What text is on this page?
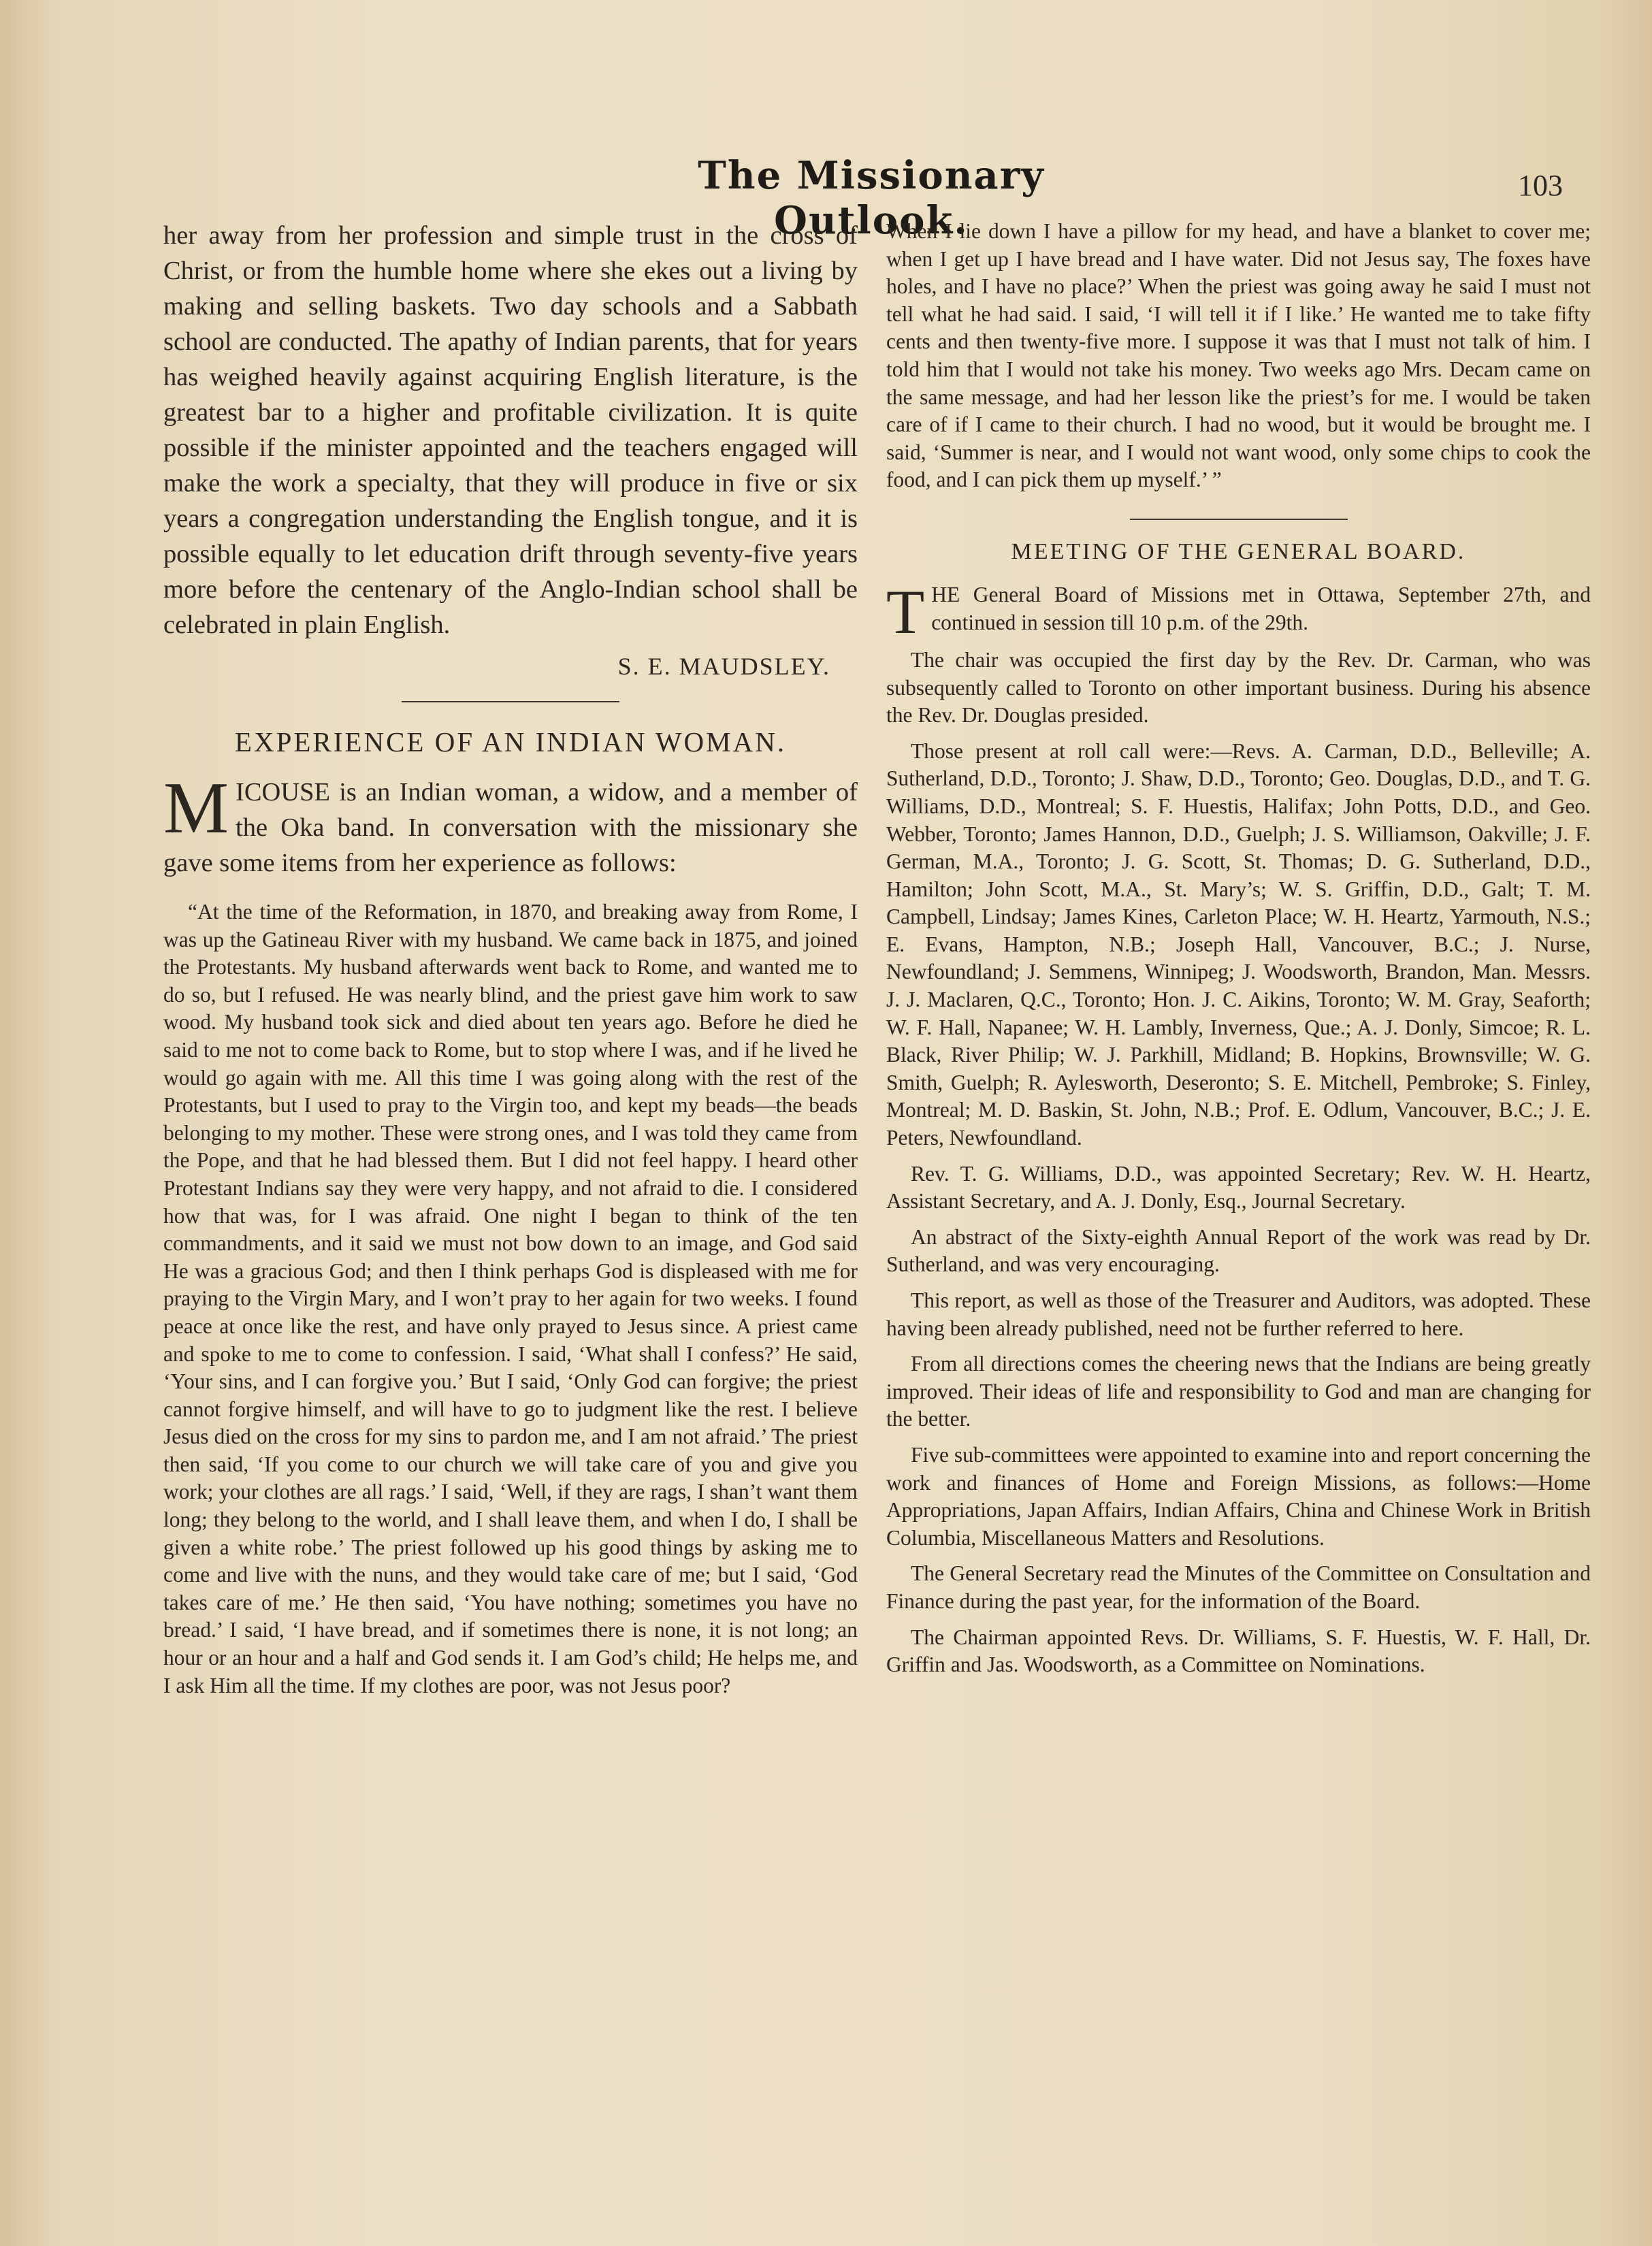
The Missionary Outlook.
103

her away from her profession and simple trust in the cross of Christ, or from the humble home where she ekes out a living by making and selling baskets. Two day schools and a Sabbath school are conducted. The apathy of Indian parents, that for years has weighed heavily against acquiring English literature, is the greatest bar to a higher and profitable civilization. It is quite possible if the minister appointed and the teachers engaged will make the work a specialty, that they will produce in five or six years a congregation understanding the English tongue, and it is possible equally to let education drift through seventy-five years more before the centenary of the Anglo-Indian school shall be celebrated in plain English.

S. E. MAUDSLEY.
EXPERIENCE OF AN INDIAN WOMAN.

MICOUSE is an Indian woman, a widow, and a member of the Oka band. In conversation with the missionary she gave some items from her experience as follows:

“At the time of the Reformation, in 1870, and breaking away from Rome, I was up the Gatineau River with my husband. We came back in 1875, and joined the Protestants. My husband afterwards went back to Rome, and wanted me to do so, but I refused. He was nearly blind, and the priest gave him work to saw wood. My husband took sick and died about ten years ago. Before he died he said to me not to come back to Rome, but to stop where I was, and if he lived he would go again with me. All this time I was going along with the rest of the Protestants, but I used to pray to the Virgin too, and kept my beads—the beads belonging to my mother. These were strong ones, and I was told they came from the Pope, and that he had blessed them. But I did not feel happy. I heard other Protestant Indians say they were very happy, and not afraid to die. I considered how that was, for I was afraid. One night I began to think of the ten commandments, and it said we must not bow down to an image, and God said He was a gracious God; and then I think perhaps God is displeased with me for praying to the Virgin Mary, and I won’t pray to her again for two weeks. I found peace at once like the rest, and have only prayed to Jesus since. A priest came and spoke to me to come to confession. I said, ‘What shall I confess?’ He said, ‘Your sins, and I can forgive you.’ But I said, ‘Only God can forgive; the priest cannot forgive himself, and will have to go to judgment like the rest. I believe Jesus died on the cross for my sins to pardon me, and I am not afraid.’ The priest then said, ‘If you come to our church we will take care of you and give you work; your clothes are all rags.’ I said, ‘Well, if they are rags, I shan’t want them long; they belong to the world, and I shall leave them, and when I do, I shall be given a white robe.’ The priest followed up his good things by asking me to come and live with the nuns, and they would take care of me; but I said, ‘God takes care of me.’ He then said, ‘You have nothing; sometimes you have no bread.’ I said, ‘I have bread, and if sometimes there is none, it is not long; an hour or an hour and a half and God sends it. I am God’s child; He helps me, and I ask Him all the time. If my clothes are poor, was not Jesus poor?

When I lie down I have a pillow for my head, and have a blanket to cover me; when I get up I have bread and I have water. Did not Jesus say, The foxes have holes, and I have no place?’ When the priest was going away he said I must not tell what he had said. I said, ‘I will tell it if I like.’ He wanted me to take fifty cents and then twenty-five more. I suppose it was that I must not talk of him. I told him that I would not take his money. Two weeks ago Mrs. Decam came on the same message, and had her lesson like the priest’s for me. I would be taken care of if I came to their church. I had no wood, but it would be brought me. I said, ‘Summer is near, and I would not want wood, only some chips to cook the food, and I can pick them up myself.’ ”

MEETING OF THE GENERAL BOARD.

THE General Board of Missions met in Ottawa, September 27th, and continued in session till 10 p.m. of the 29th.

The chair was occupied the first day by the Rev. Dr. Carman, who was subsequently called to Toronto on other important business. During his absence the Rev. Dr. Douglas presided.

Those present at roll call were:—Revs. A. Carman, D.D., Belleville; A. Sutherland, D.D., Toronto; J. Shaw, D.D., Toronto; Geo. Douglas, D.D., and T. G. Williams, D.D., Montreal; S. F. Huestis, Halifax; John Potts, D.D., and Geo. Webber, Toronto; James Hannon, D.D., Guelph; J. S. Williamson, Oakville; J. F. German, M.A., Toronto; J. G. Scott, St. Thomas; D. G. Sutherland, D.D., Hamilton; John Scott, M.A., St. Mary’s; W. S. Griffin, D.D., Galt; T. M. Campbell, Lindsay; James Kines, Carleton Place; W. H. Heartz, Yarmouth, N.S.; E. Evans, Hampton, N.B.; Joseph Hall, Vancouver, B.C.; J. Nurse, Newfoundland; J. Semmens, Winnipeg; J. Woodsworth, Brandon, Man. Messrs. J. J. Maclaren, Q.C., Toronto; Hon. J. C. Aikins, Toronto; W. M. Gray, Seaforth; W. F. Hall, Napanee; W. H. Lambly, Inverness, Que.; A. J. Donly, Simcoe; R. L. Black, River Philip; W. J. Parkhill, Midland; B. Hopkins, Brownsville; W. G. Smith, Guelph; R. Aylesworth, Deseronto; S. E. Mitchell, Pembroke; S. Finley, Montreal; M. D. Baskin, St. John, N.B.; Prof. E. Odlum, Vancouver, B.C.; J. E. Peters, Newfoundland.

Rev. T. G. Williams, D.D., was appointed Secretary; Rev. W. H. Heartz, Assistant Secretary, and A. J. Donly, Esq., Journal Secretary.

An abstract of the Sixty-eighth Annual Report of the work was read by Dr. Sutherland, and was very encouraging.

This report, as well as those of the Treasurer and Auditors, was adopted. These having been already published, need not be further referred to here.

From all directions comes the cheering news that the Indians are being greatly improved. Their ideas of life and responsibility to God and man are changing for the better.

Five sub-committees were appointed to examine into and report concerning the work and finances of Home and Foreign Missions, as follows:—Home Appropriations, Japan Affairs, Indian Affairs, China and Chinese Work in British Columbia, Miscellaneous Matters and Resolutions.

The General Secretary read the Minutes of the Committee on Consultation and Finance during the past year, for the information of the Board.

The Chairman appointed Revs. Dr. Williams, S. F. Huestis, W. F. Hall, Dr. Griffin and Jas. Woodsworth, as a Committee on Nominations.
